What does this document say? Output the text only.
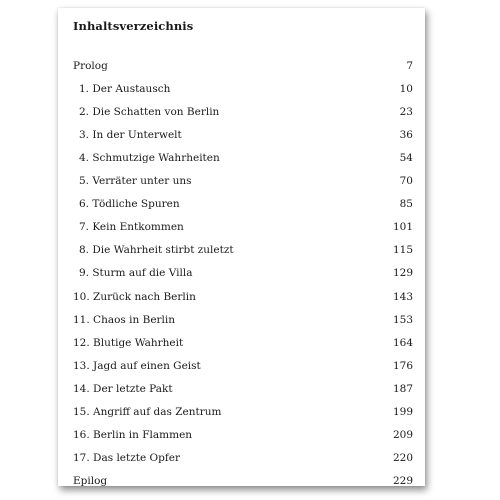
Inhaltsverzeichnis
Prolog	7
1. Der Austausch	10
2. Die Schatten von Berlin	23
3. In der Unterwelt	36
4. Schmutzige Wahrheiten	54
5. Verräter unter uns	70
6. Tödliche Spuren	85
7. Kein Entkommen	101
8. Die Wahrheit stirbt zuletzt	115
9. Sturm auf die Villa	129
10. Zurück nach Berlin	143
11. Chaos in Berlin	153
12. Blutige Wahrheit	164
13. Jagd auf einen Geist	176
14. Der letzte Pakt	187
15. Angriff auf das Zentrum	199
16. Berlin in Flammen	209
17. Das letzte Opfer	220
Epilog	229
